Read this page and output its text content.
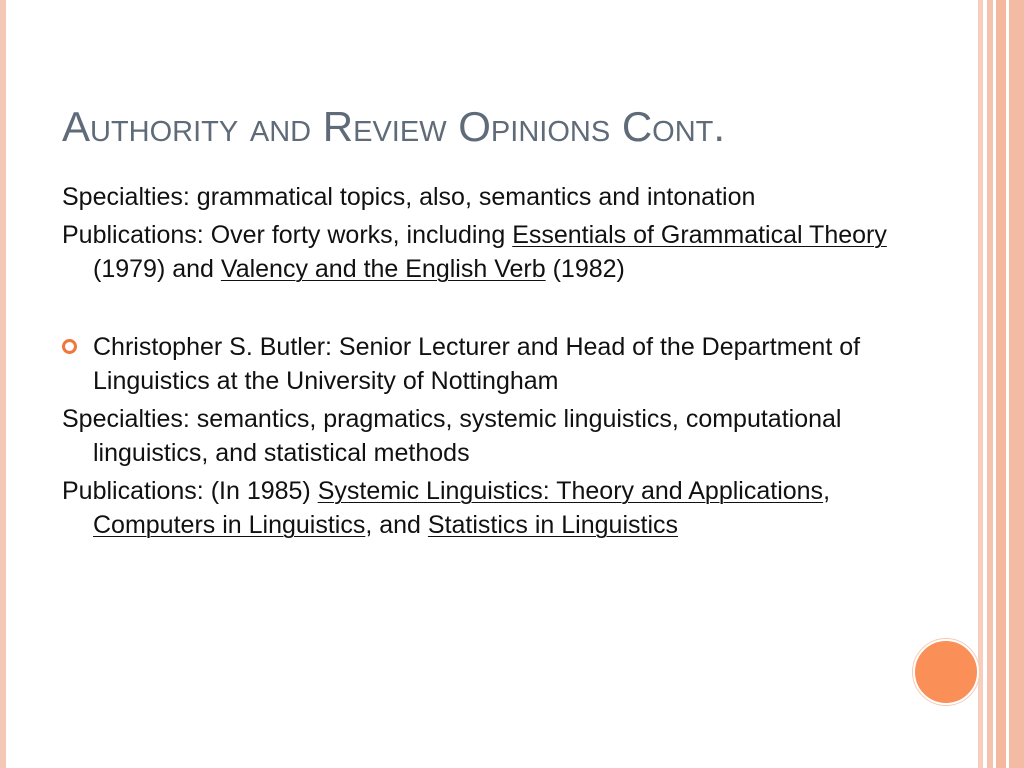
Authority and Review Opinions Cont.

Specialties: grammatical topics, also, semantics and intonation

Publications: Over forty works, including Essentials of Grammatical Theory (1979) and Valency and the English Verb (1982)

Christopher S. Butler: Senior Lecturer and Head of the Department of Linguistics at the University of Nottingham

Specialties: semantics, pragmatics, systemic linguistics, computational linguistics, and statistical methods

Publications: (In 1985) Systemic Linguistics: Theory and Applications, Computers in Linguistics, and Statistics in Linguistics
